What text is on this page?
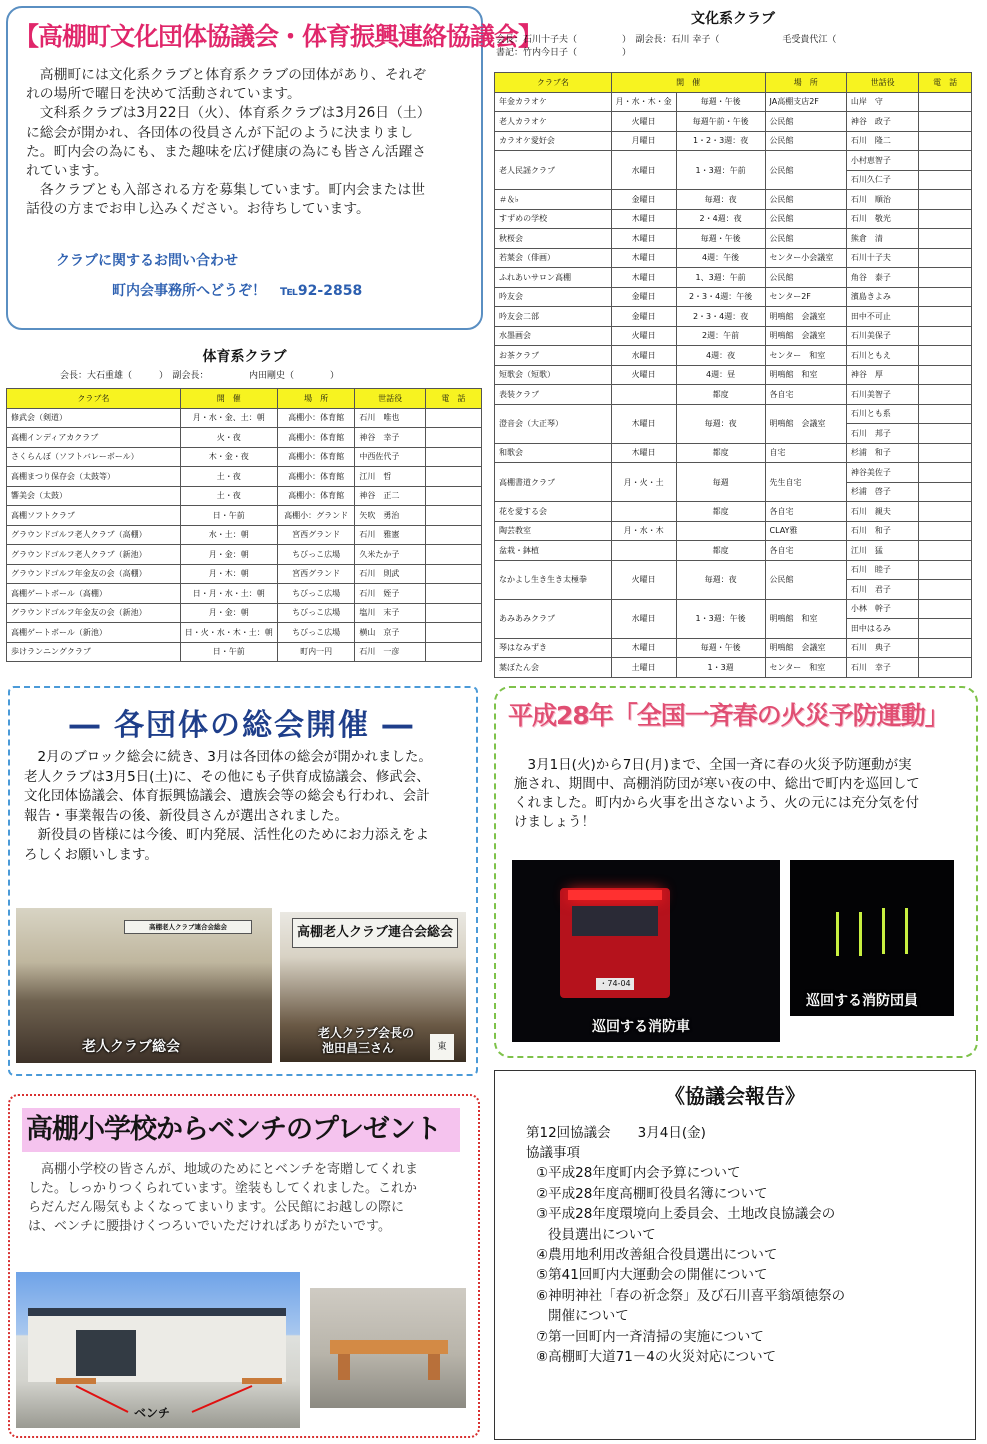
【高棚町文化団体協議会・体育振興連絡協議会】

高棚町には文化系クラブと体育系クラブの団体があり、それぞれの場所で曜日を決めて活動されています。

文科系クラブは3月22日（火）、体育系クラブは3月26日（土）に総会が開かれ、各団体の役員さんが下記のように決まりました。町内会の為にも、また趣味を広げ健康の為にも皆さん活躍されています。

各クラブとも入部される方を募集しています。町内会または世話役の方までお申し込みください。お待ちしています。

クラブに関するお問い合わせ
町内会事務所へどうぞ！　℡92-2858
体育系クラブ
会長：大石重雄（　　　）　副会長：　　　　　内田剛史（　　　　）
クラブ名	開　催	場　所	世話役	電　話
修武会（剣道）	月・水・金、土：朝	高棚小：体育館	石川　唯也	
高棚インディアカクラブ	火・夜	高棚小：体育館	神谷　幸子	
さくらんぼ（ソフトバレーボール）	木・金・夜	高棚小：体育館	中西佐代子	
高棚まつり保存会（太鼓等）	土・夜	高棚小：体育館	江川　哲	
響美会（太鼓）	土・夜	高棚小：体育館	神谷　正二	
高棚ソフトクラブ	日・午前	高棚小：グランド	矢吹　勇治	
グラウンドゴルフ老人クラブ（高棚）	水・土：朝	宮西グランド	石川　雅憲	
グラウンドゴルフ老人クラブ（新池）	月・金：朝	ちびっこ広場	久米たか子	
グラウンドゴルフ年金友の会（高棚）	月・木：朝	宮西グランド	石川　則武	
高棚ゲートボール（高棚）	日・月・水・土：朝	ちびっこ広場	石川　姪子	
グラウンドゴルフ年金友の会（新池）	月・金：朝	ちびっこ広場	塩川　末子	
高棚ゲートボール（新池）	日・火・水・木・土：朝	ちびっこ広場	横山　京子	
歩けランニングクラブ	日・午前	町内一円	石川　一彦	
文化系クラブ
会長：石川十子夫（　　　　　）　副会長：石川 幸子（　　　　　　　毛受貴代江（
書記：竹内今日子（　　　　　）
クラブ名	開　催		場　所	世話役	電　話
年金カラオケ	月・水・木・金	毎週・午後	JA高棚支店2F	山岸　守	
老人カラオケ	火曜日	毎週午前・午後	公民館	神谷　政子	
カラオケ愛好会	月曜日	1・2・3週：夜	公民館	石川　隆二	
老人民謡クラブ	水曜日	1・3週：午前	公民館	小村恵智子	
				石川久仁子	
＃＆♭	金曜日	毎週：夜	公民館	石川　順治	
すずめの学校	木曜日	2・4週：夜	公民館	石川　敬光	
秋桜会	木曜日	毎週・午後	公民館	熊倉　清	
若葉会（俳画）	木曜日	4週：午後	センター小会議室	石川十子夫	
ふれあいサロン高棚	木曜日	1、3週：午前	公民館	角谷　泰子	
吟友会	金曜日	2・3・4週：午後	センター2F	濱島きよみ	
吟友会二部	金曜日	2・3・4週：夜	明鳴館　会議室	田中不可止	
水墨画会	火曜日	2週：午前	明鳴館　会議室	石川美保子	
お茶クラブ	水曜日	4週：夜	センター　和室	石川ともえ	
短歌会（短歌）	火曜日	4週：昼	明鳴館　和室	神谷　厚	
表装クラブ		都度	各自宅	石川美智子	
澄音会（大正琴）	木曜日	毎週：夜	明鳴館　会議室	石川とも系	
				石川　邦子	
和歌会	木曜日	都度	自宅	杉浦　和子	
高棚書道クラブ	月・火・土	毎週	先生自宅	神谷美佐子	
				杉浦　啓子	
花を愛する会		都度	各自宅	石川　親夫	
陶芸教室	月・水・木		CLAY雅	石川　和子	
盆栽・鉢植		都度	各自宅	江川　猛	
なかよし生き生き太極拳	火曜日	毎週：夜	公民館	石川　睦子	
				石川　君子	
あみあみクラブ	水曜日	1・3週：午後	明鳴館　和室	小林　幹子	
				田中はるみ	
琴はなみずき	木曜日	毎週・午後	明鳴館　会議室	石川　典子	
葉ぼたん会	土曜日	1・3週	センター　和室	石川　幸子	
― 各団体の総会開催 ―

2月のブロック総会に続き、3月は各団体の総会が開かれました。老人クラブは3月5日(土)に、その他にも子供育成協議会、修武会、文化団体協議会、体育振興協議会、遺族会等の総会も行われ、会計報告・事業報告の後、新役員さんが選出されました。

新役員の皆様には今後、町内発展、活性化のためにお力添えをよろしくお願いします。

高棚老人クラブ連合会総会
老人クラブ総会
高棚老人クラブ連合会総会
東
老人クラブ会長の
池田昌三さん
平成28年「全国一斉春の火災予防運動」

3月1日(火)から7日(月)まで、全国一斉に春の火災予防運動が実施され、期間中、高棚消防団が寒い夜の中、総出で町内を巡回してくれました。町内から火事を出さないよう、火の元には充分気を付けましょう！

・74-04
巡回する消防車
巡回する消防団員
高棚小学校からベンチのプレゼント

高棚小学校の皆さんが、地域のためにとベンチを寄贈してくれました。しっかりつくられています。塗装もしてくれました。これからだんだん陽気もよくなってまいります。公民館にお越しの際には、ベンチに腰掛けくつろいでいただければありがたいです。

ベンチ
《協議会報告》
第12回協議会　　3月4日(金)
協議事項
①平成28年度町内会予算について
②平成28年度高棚町役員名簿について
③平成28年度環境向上委員会、土地改良協議会の
役員選出について
④農用地利用改善組合役員選出について
⑤第41回町内大運動会の開催について
⑥神明神社「春の祈念祭」及び石川喜平翁頌徳祭の
開催について
⑦第一回町内一斉清掃の実施について
⑧高棚町大道71－4の火災対応について
